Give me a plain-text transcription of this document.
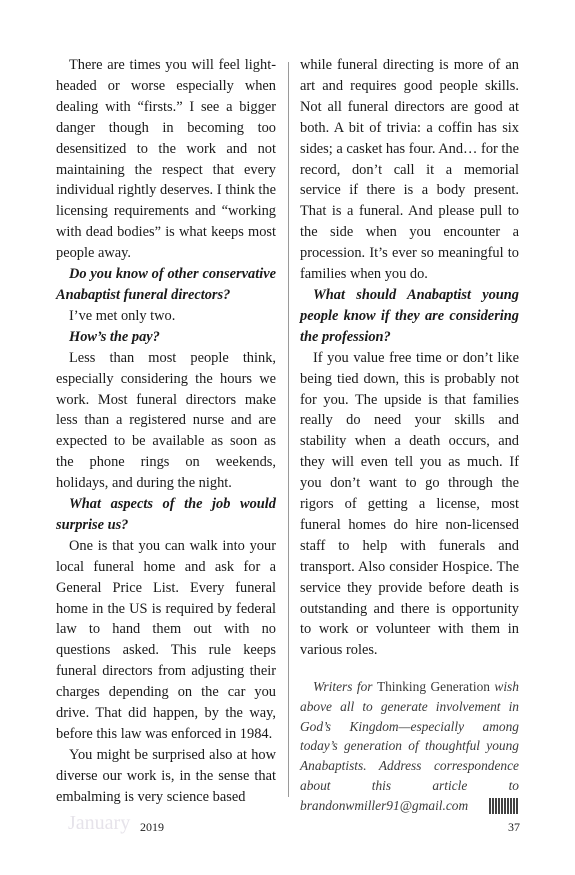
There are times you will feel light-headed or worse especially when dealing with “firsts.” I see a bigger danger though in becoming too desensitized to the work and not maintaining the respect that every individual rightly deserves. I think the licensing requirements and “working with dead bodies” is what keeps most people away.

Do you know of other conservative Anabaptist funeral directors?

I’ve met only two.

How’s the pay?

Less than most people think, especially considering the hours we work. Most funeral directors make less than a registered nurse and are expected to be available as soon as the phone rings on weekends, holidays, and during the night.

What aspects of the job would surprise us?

One is that you can walk into your local funeral home and ask for a General Price List. Every funeral home in the US is required by federal law to hand them out with no questions asked. This rule keeps funeral directors from adjusting their charges depending on the car you drive. That did happen, by the way, before this law was enforced in 1984.

You might be surprised also at how diverse our work is, in the sense that embalming is very science based

while funeral directing is more of an art and requires good people skills. Not all funeral directors are good at both. A bit of trivia: a coffin has six sides; a casket has four. And… for the record, don’t call it a memorial service if there is a body present. That is a funeral. And please pull to the side when you encounter a procession. It’s ever so meaningful to families when you do.

What should Anabaptist young people know if they are considering the profession?

If you value free time or don’t like being tied down, this is probably not for you. The upside is that families really do need your skills and stability when a death occurs, and they will even tell you as much. If you don’t want to go through the rigors of getting a license, most funeral homes do hire non-licensed staff to help with funerals and transport. Also consider Hospice. The service they provide before death is outstanding and there is opportunity to work or volunteer with them in various roles.

Writers for Thinking Generation wish above all to generate involvement in God’s Kingdom—especially among today’s generation of thoughtful young Anabaptists. Address correspondence about this article to brandonwmiller91@gmail.com
January 2019	37
